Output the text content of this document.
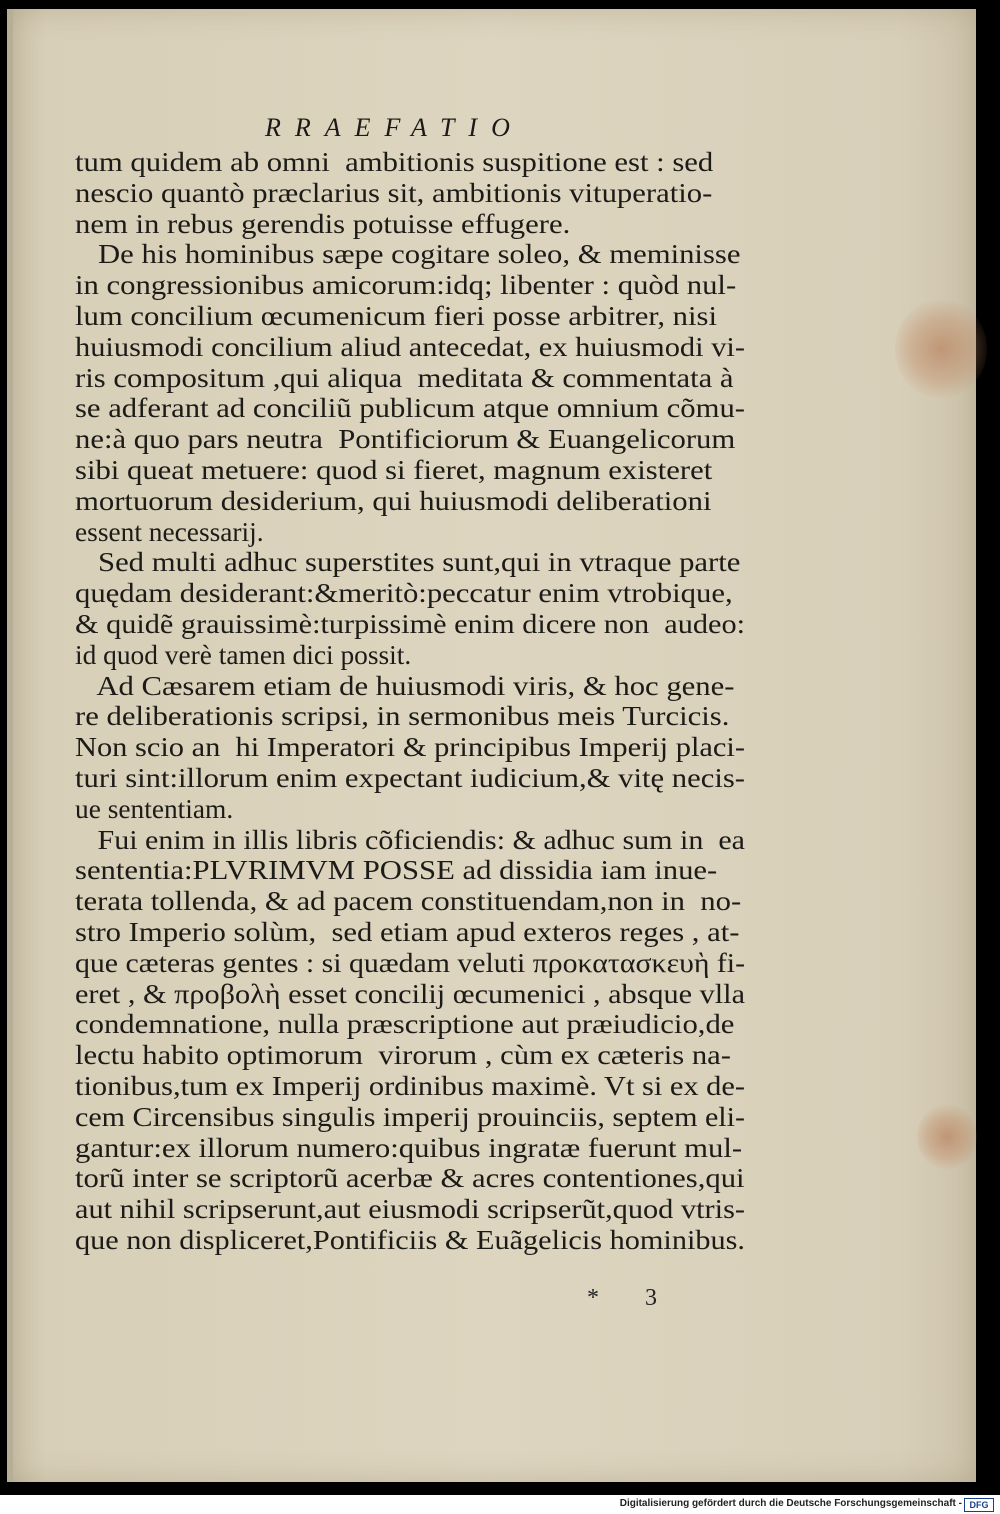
RRAEFATIO
tum quidem ab omni  ambitionis suspitione est : sed
nescio quantò præclarius sit, ambitionis vituperatio-
nem in rebus gerendis potuisse effugere.
De his hominibus sæpe cogitare soleo, & meminisse
in congressionibus amicorum:idq; libenter : quòd nul-
lum concilium œcumenicum fieri posse arbitrer, nisi
huiusmodi concilium aliud antecedat, ex huiusmodi vi-
ris compositum ,qui aliqua  meditata & commentata à
se adferant ad conciliũ publicum atque omnium cõmu-
ne:à quo pars neutra  Pontificiorum & Euangelicorum
sibi queat metuere: quod si fieret, magnum existeret
mortuorum desiderium, qui huiusmodi deliberationi
essent necessarij.
Sed multi adhuc superstites sunt,qui in vtraque parte
quędam desiderant:&meritò:peccatur enim vtrobique,
& quidẽ grauissimè:turpissimè enim dicere non  audeo:
id quod verè tamen dici possit.
Ad Cæsarem etiam de huiusmodi viris, & hoc gene-
re deliberationis scripsi, in sermonibus meis Turcicis.
Non scio an  hi Imperatori & principibus Imperij placi-
turi sint:illorum enim expectant iudicium,& vitę necis-
ue sententiam.
Fui enim in illis libris cõficiendis: & adhuc sum in  ea
sententia:PLVRIMVM POSSE ad dissidia iam inue-
terata tollenda, & ad pacem constituendam,non in  no-
stro Imperio solùm,  sed etiam apud exteros reges , at-
que cæteras gentes : si quædam veluti προκατασκευὴ fi-
eret , & προβολὴ esset concilij œcumenici , absque vlla
condemnatione, nulla præscriptione aut præiudicio,de
lectu habito optimorum  virorum , cùm ex cæteris na-
tionibus,tum ex Imperij ordinibus maximè. Vt si ex de-
cem Circensibus singulis imperij prouinciis, septem eli-
gantur:ex illorum numero:quibus ingratæ fuerunt mul-
torũ inter se scriptorũ acerbæ & acres contentiones,qui
aut nihil scripserunt,aut eiusmodi scripserũt,quod vtris-
que non displiceret,Pontificiis & Euãgelicis hominibus.
* 3
Digitalisierung gefördert durch die Deutsche Forschungsgemeinschaft - DFG
